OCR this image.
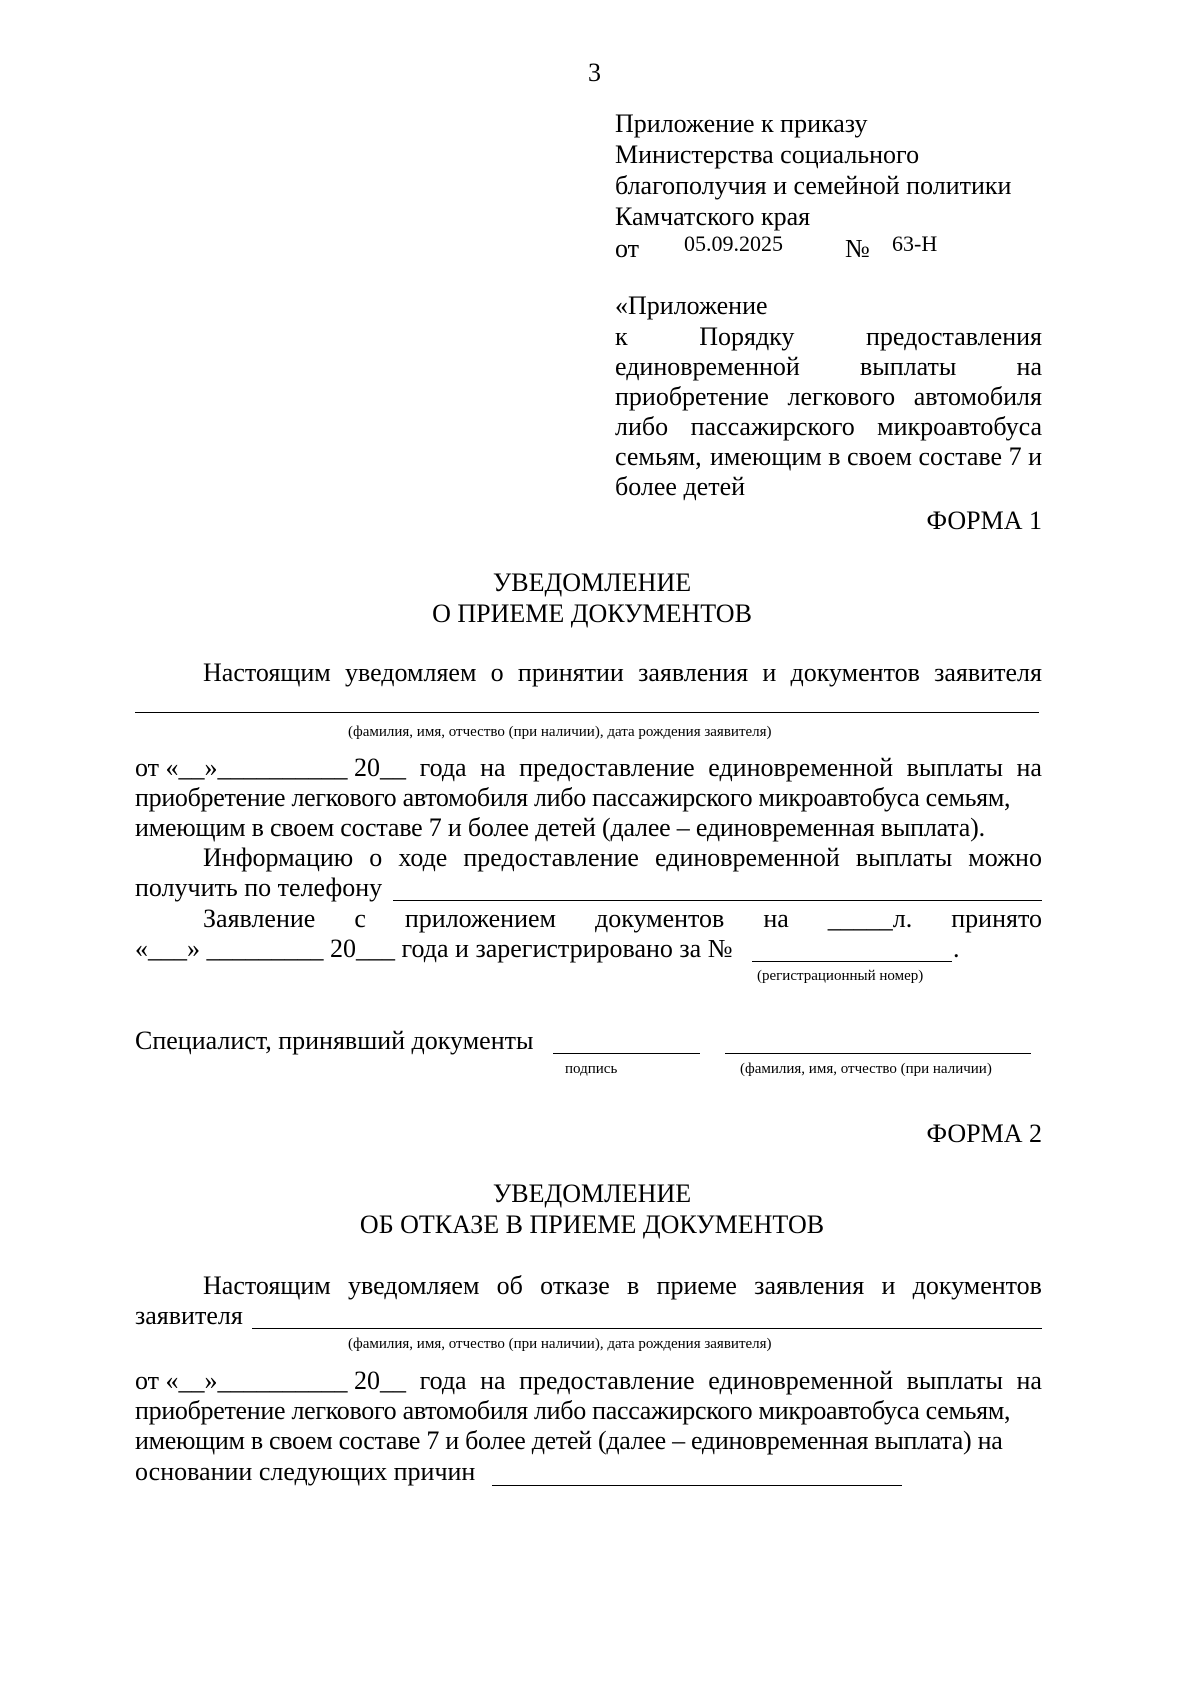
3
Приложение к приказу
Министерства социального
благополучия и семейной политики
Камчатского края
от 05.09.2025 № 63-Н
«Приложение
к	Порядку	предоставления
единовременной выплаты на
приобретение легкового автомобиля
либо пассажирского микроавтобуса
семьям, имеющим в своем составе 7 и
более детей
ФОРМА 1
УВЕДОМЛЕНИЕ
О ПРИЕМЕ ДОКУМЕНТОВ
Настоящим уведомляем о принятии заявления и документов заявителя
(фамилия, имя, отчество (при наличии), дата рождения заявителя)
от «__»__________ 20__ года на предоставление единовременной выплаты на
приобретение легкового автомобиля либо пассажирского микроавтобуса семьям,
имеющим в своем составе 7 и более детей (далее – единовременная выплата).
Информацию о ходе предоставление единовременной выплаты можно
получить по телефону
Заявление с приложением документов на _____л. принято
«___» _________ 20___ года и зарегистрировано за №	.
(регистрационный номер)
Специалист, принявший документы
подпись	(фамилия, имя, отчество (при наличии)
ФОРМА 2
УВЕДОМЛЕНИЕ
ОБ ОТКАЗЕ В ПРИЕМЕ ДОКУМЕНТОВ
Настоящим уведомляем об отказе в приеме заявления и документов
заявителя
(фамилия, имя, отчество (при наличии), дата рождения заявителя)
от «__»__________ 20__ года на предоставление единовременной выплаты на
приобретение легкового автомобиля либо пассажирского микроавтобуса семьям,
имеющим в своем составе 7 и более детей (далее – единовременная выплата) на
основании следующих причин
